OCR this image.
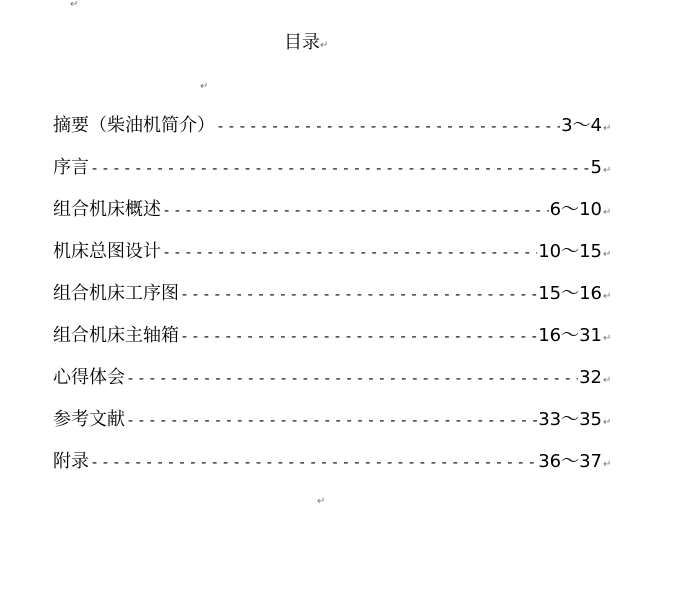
↵
目录↵
↵
摘要（柴油机简介） -----	3～4 ↵
序言 -----	5 ↵
组合机床概述 -----	6～10 ↵
机床总图设计 -----	10～15 ↵
组合机床工序图 -----	15～16 ↵
组合机床主轴箱 -----	16～31 ↵
心得体会 -----	32 ↵
参考文献 -----	33～35 ↵
附录 -----	36～37 ↵
↵
